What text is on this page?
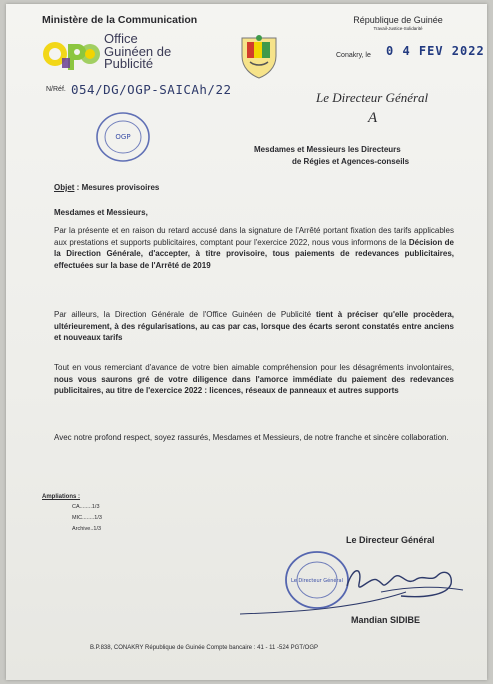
Ministère de la Communication
Office
Guinéen de
Publicité
République de Guinée
Travail-Justice-Solidarité
Conakry, le 0 4 FEV 2022
N/Réf. 054/DG/OGP-SAICAh/22
Le Directeur Général
A
OGP
Mesdames et Messieurs les Directeurs
de Régies et Agences-conseils
Objet : Mesures provisoires
Mesdames et Messieurs,
Par la présente et en raison du retard accusé dans la signature de l'Arrêté portant fixation des tarifs applicables aux prestations et supports publicitaires, comptant pour l'exercice 2022, nous vous informons de la Décision de la Direction Générale, d'accepter, à titre provisoire, tous paiements de redevances publicitaires, effectuées sur la base de l'Arrêté de 2019
Par ailleurs, la Direction Générale de l'Office Guinéen de Publicité tient à préciser qu'elle procèdera, ultérieurement, à des régularisations, au cas par cas, lorsque des écarts seront constatés entre anciens et nouveaux tarifs
Tout en vous remerciant d'avance de votre bien aimable compréhension pour les désagréments involontaires, nous vous saurons gré de votre diligence dans l'amorce immédiate du paiement des redevances publicitaires, au titre de l'exercice 2022 : licences, réseaux de panneaux et autres supports
Avec notre profond respect, soyez rassurés, Mesdames et Messieurs, de notre franche et sincère collaboration.
Ampliations :
CA........1/3
MIC........1/3
Archive..1/3
Le Directeur Général
Le Directeur Général
Mandian SIDIBE
B.P.838, CONAKRY République de Guinée Compte bancaire : 41 - 11 -524 PGT/OGP
